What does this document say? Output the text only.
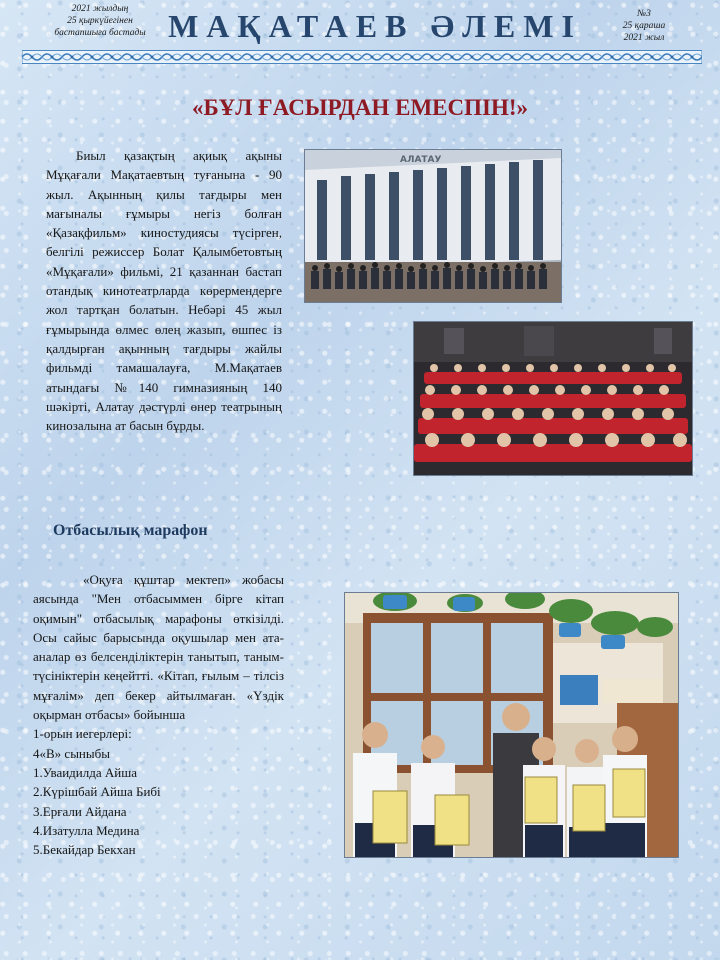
2021 жылдың
25 қыркүйегінен
бастапшыға бастады МАҚАТАЕВ ӘЛЕМІ	№3
25 қараша
2021 жыл
«БҰЛ ҒАСЫРДАН ЕМЕСПІН!»
Биыл қазақтың ақиық ақыны Мұқағали Мақатаевтың туғанына - 90 жыл. Ақынның қилы тағдыры мен мағыналы ғұмыры негіз болған «Қазақфильм» киностудиясы түсірген, белгілі режиссер Болат Қалымбетовтың «Мұқағали» фильмі, 21 қазаннан бастап отандық кинотеатрларда көрермендерге жол тартқан болатын. Небәрі 45 жыл ғұмырында өлмес өлең жазып, өшпес із қалдырған ақынның тағдыры жайлы фильмді тамашалауға, М.Мақатаев атындағы №140 гимназияның 140 шәкірті, Алатау дәстүрлі өнер театрының кинозалына ат басын бұрды.
АЛАТАУ
Отбасылық марафон
«Оқуға құштар мектеп» жобасы аясында "Мен отбасыммен бірге кітап оқимын" отбасылық марафоны өткізілді. Осы сайыс барысында оқушылар мен ата-аналар өз белсенділіктерін танытып, таным-түсініктерін кеңейтті. «Кітап, ғылым – тілсіз мұғалім» деп бекер айтылмаған. «Үздік оқырман отбасы» бойынша
1-орын иегерлері:
4«В» сыныбы
1.Уваидилда Айша
2.Күрішбай Айша Бибі
3.Ерғали Айдана
4.Изатулла Медина
5.Бекайдар Бекхан
